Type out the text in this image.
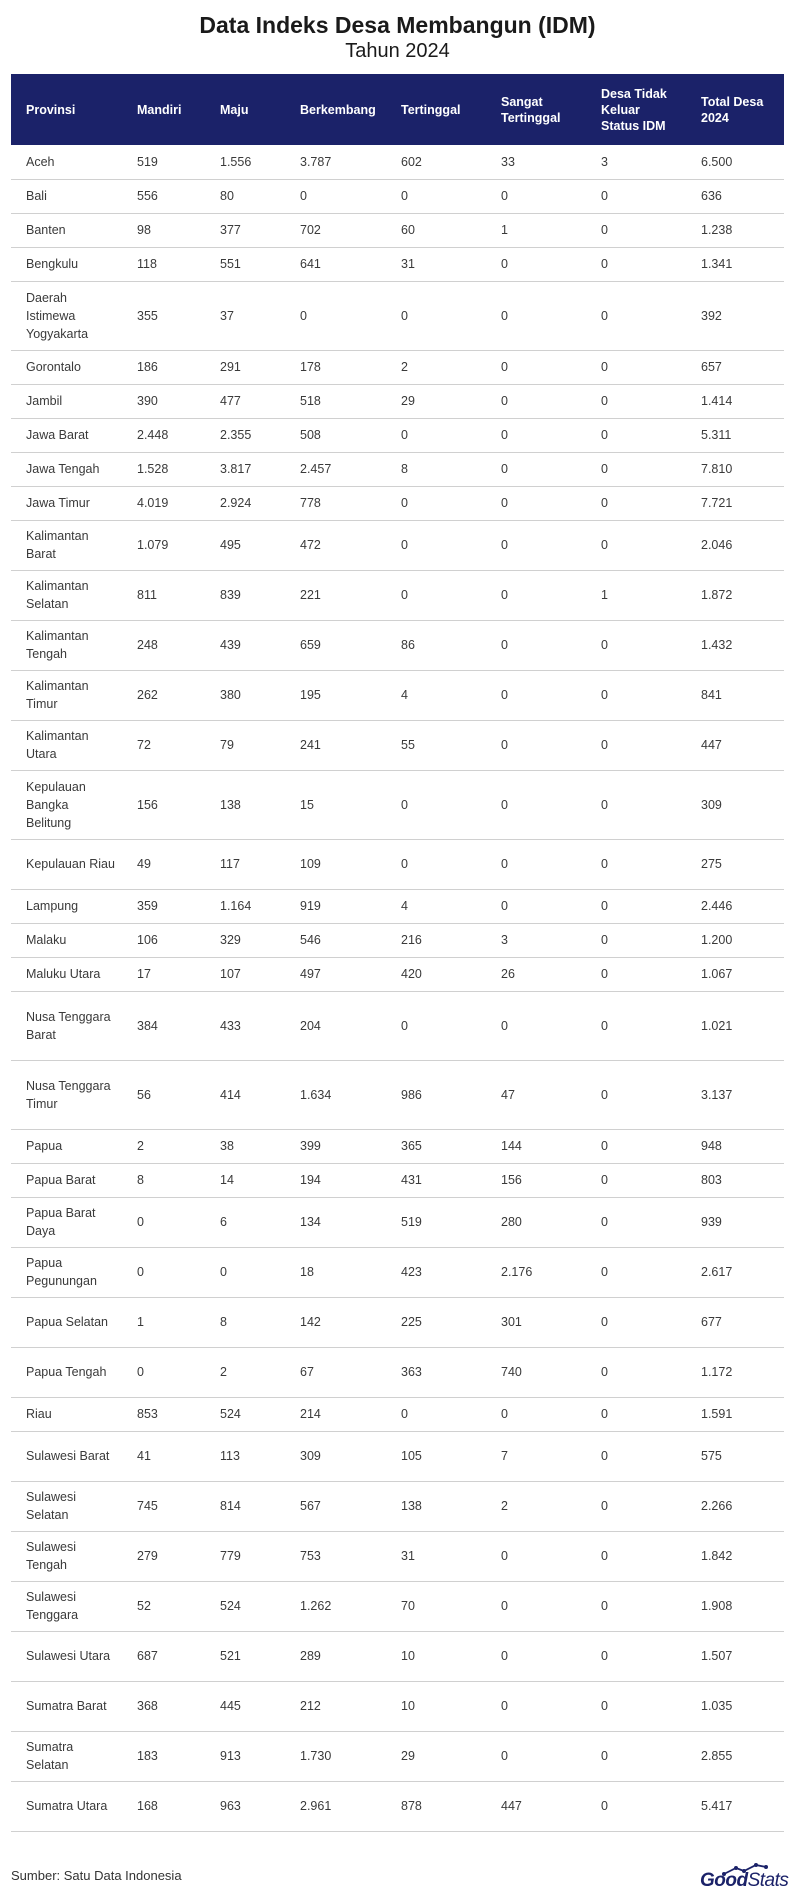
Data Indeks Desa Membangun (IDM)
Tahun 2024
Provinsi	Mandiri	Maju	Berkembang	Tertinggal	Sangat Tertinggal	Desa Tidak Keluar Status IDM	Total Desa 2024
Aceh	519	1.556	3.787	602	33	3	6.500
Bali	556	80	0	0	0	0	636
Banten	98	377	702	60	1	0	1.238
Bengkulu	118	551	641	31	0	0	1.341
Daerah Istimewa Yogyakarta	355	37	0	0	0	0	392
Gorontalo	186	291	178	2	0	0	657
Jambil	390	477	518	29	0	0	1.414
Jawa Barat	2.448	2.355	508	0	0	0	5.311
Jawa Tengah	1.528	3.817	2.457	8	0	0	7.810
Jawa Timur	4.019	2.924	778	0	0	0	7.721
Kalimantan Barat	1.079	495	472	0	0	0	2.046
Kalimantan Selatan	811	839	221	0	0	1	1.872
Kalimantan Tengah	248	439	659	86	0	0	1.432
Kalimantan Timur	262	380	195	4	0	0	841
Kalimantan Utara	72	79	241	55	0	0	447
Kepulauan Bangka Belitung	156	138	15	0	0	0	309
Kepulauan Riau	49	117	109	0	0	0	275
Lampung	359	1.164	919	4	0	0	2.446
Malaku	106	329	546	216	3	0	1.200
Maluku Utara	17	107	497	420	26	0	1.067
Nusa Tenggara Barat	384	433	204	0	0	0	1.021
Nusa Tenggara Timur	56	414	1.634	986	47	0	3.137
Papua	2	38	399	365	144	0	948
Papua Barat	8	14	194	431	156	0	803
Papua Barat Daya	0	6	134	519	280	0	939
Papua Pegunungan	0	0	18	423	2.176	0	2.617
Papua Selatan	1	8	142	225	301	0	677
Papua Tengah	0	2	67	363	740	0	1.172
Riau	853	524	214	0	0	0	1.591
Sulawesi Barat	41	113	309	105	7	0	575
Sulawesi Selatan	745	814	567	138	2	0	2.266
Sulawesi Tengah	279	779	753	31	0	0	1.842
Sulawesi Tenggara	52	524	1.262	70	0	0	1.908
Sulawesi Utara	687	521	289	10	0	0	1.507
Sumatra Barat	368	445	212	10	0	0	1.035
Sumatra Selatan	183	913	1.730	29	0	0	2.855
Sumatra Utara	168	963	2.961	878	447	0	5.417
Sumber: Satu Data Indonesia	GoodStats
